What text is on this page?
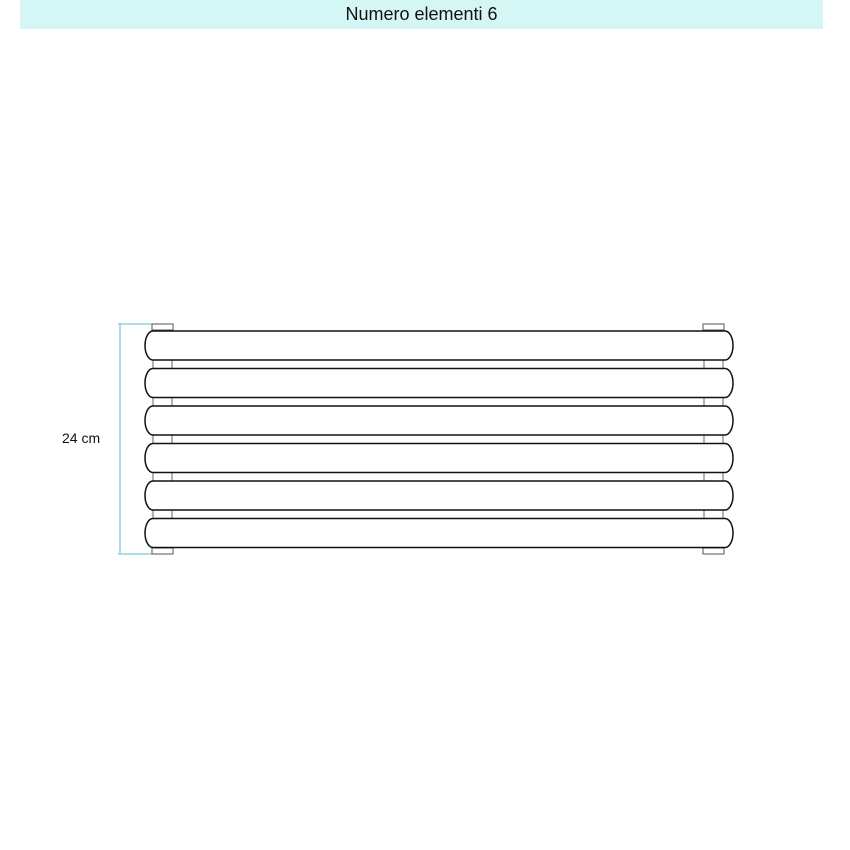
Numero elementi 6
24 cm
